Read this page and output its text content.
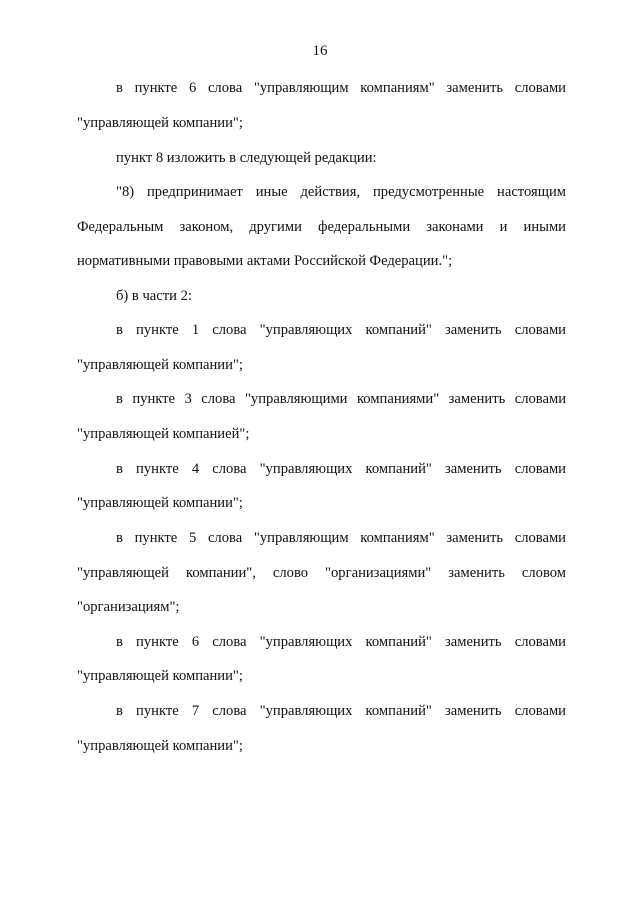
16
в пункте 6 слова "управляющим компаниям" заменить словами
"управляющей компании";
пункт 8 изложить в следующей редакции:
"8) предпринимает иные действия, предусмотренные настоящим
Федеральным законом, другими федеральными законами и иными
нормативными правовыми актами Российской Федерации.";
б) в части 2:
в пункте 1 слова "управляющих компаний" заменить словами
"управляющей компании";
в пункте 3 слова "управляющими компаниями" заменить словами
"управляющей компанией";
в пункте 4 слова "управляющих компаний" заменить словами
"управляющей компании";
в пункте 5 слова "управляющим компаниям" заменить словами
"управляющей компании", слово "организациями" заменить словом
"организациям";
в пункте 6 слова "управляющих компаний" заменить словами
"управляющей компании";
в пункте 7 слова "управляющих компаний" заменить словами
"управляющей компании";
